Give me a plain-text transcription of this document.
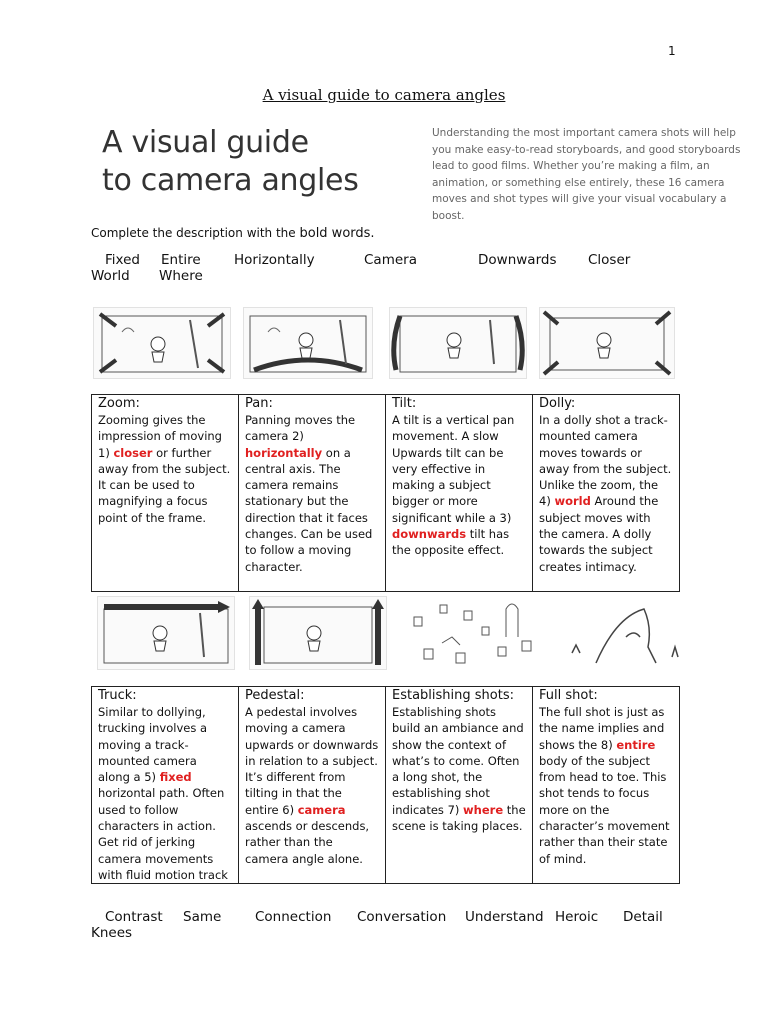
1
A visual guide to camera angles
A visual guide
to camera angles
Understanding the most important camera shots will help you make easy-to-read storyboards, and good storyboards lead to good films. Whether you’re making a film, an animation, or something else entirely, these 16 camera moves and shot types will give your visual vocabulary a boost.
Complete the description with the bold words.
Fixed Entire Horizontally	Camera	Downwards Closer
World Where
Zoom:
Zooming gives the impression of moving 1) closer or further away from the subject. It can be used to magnifying a focus point of the frame.	
Pan:
Panning moves the camera 2) horizontally on a central axis. The camera remains stationary but the direction that it faces changes. Can be used to follow a moving character.	
Tilt:
A tilt is a vertical pan movement. A slow Upwards tilt can be very effective in making a subject bigger or more significant while a 3) downwards tilt has the opposite effect.	
Dolly:
In a dolly shot a track-mounted camera moves towards or away from the subject. Unlike the zoom, the 4) world Around the subject moves with the camera. A dolly towards the subject creates intimacy.
Truck:
Similar to dollying, trucking involves a moving a track-mounted camera along a 5) fixed horizontal path. Often used to follow characters in action. Get rid of jerking camera movements with fluid motion track	
Pedestal:
A pedestal involves moving a camera upwards or downwards in relation to a subject. It’s different from tilting in that the entire 6) camera ascends or descends, rather than the camera angle alone.	
Establishing shots:
Establishing shots build an ambiance and show the context of what’s to come. Often a long shot, the establishing shot indicates 7) where the scene is taking places.	
Full shot:
The full shot is just as the name implies and shows the 8) entire body of the subject from head to toe. This shot tends to focus more on the character’s movement rather than their state of mind.
Contrast Same Connection Conversation Understand Heroic Detail
Knees
